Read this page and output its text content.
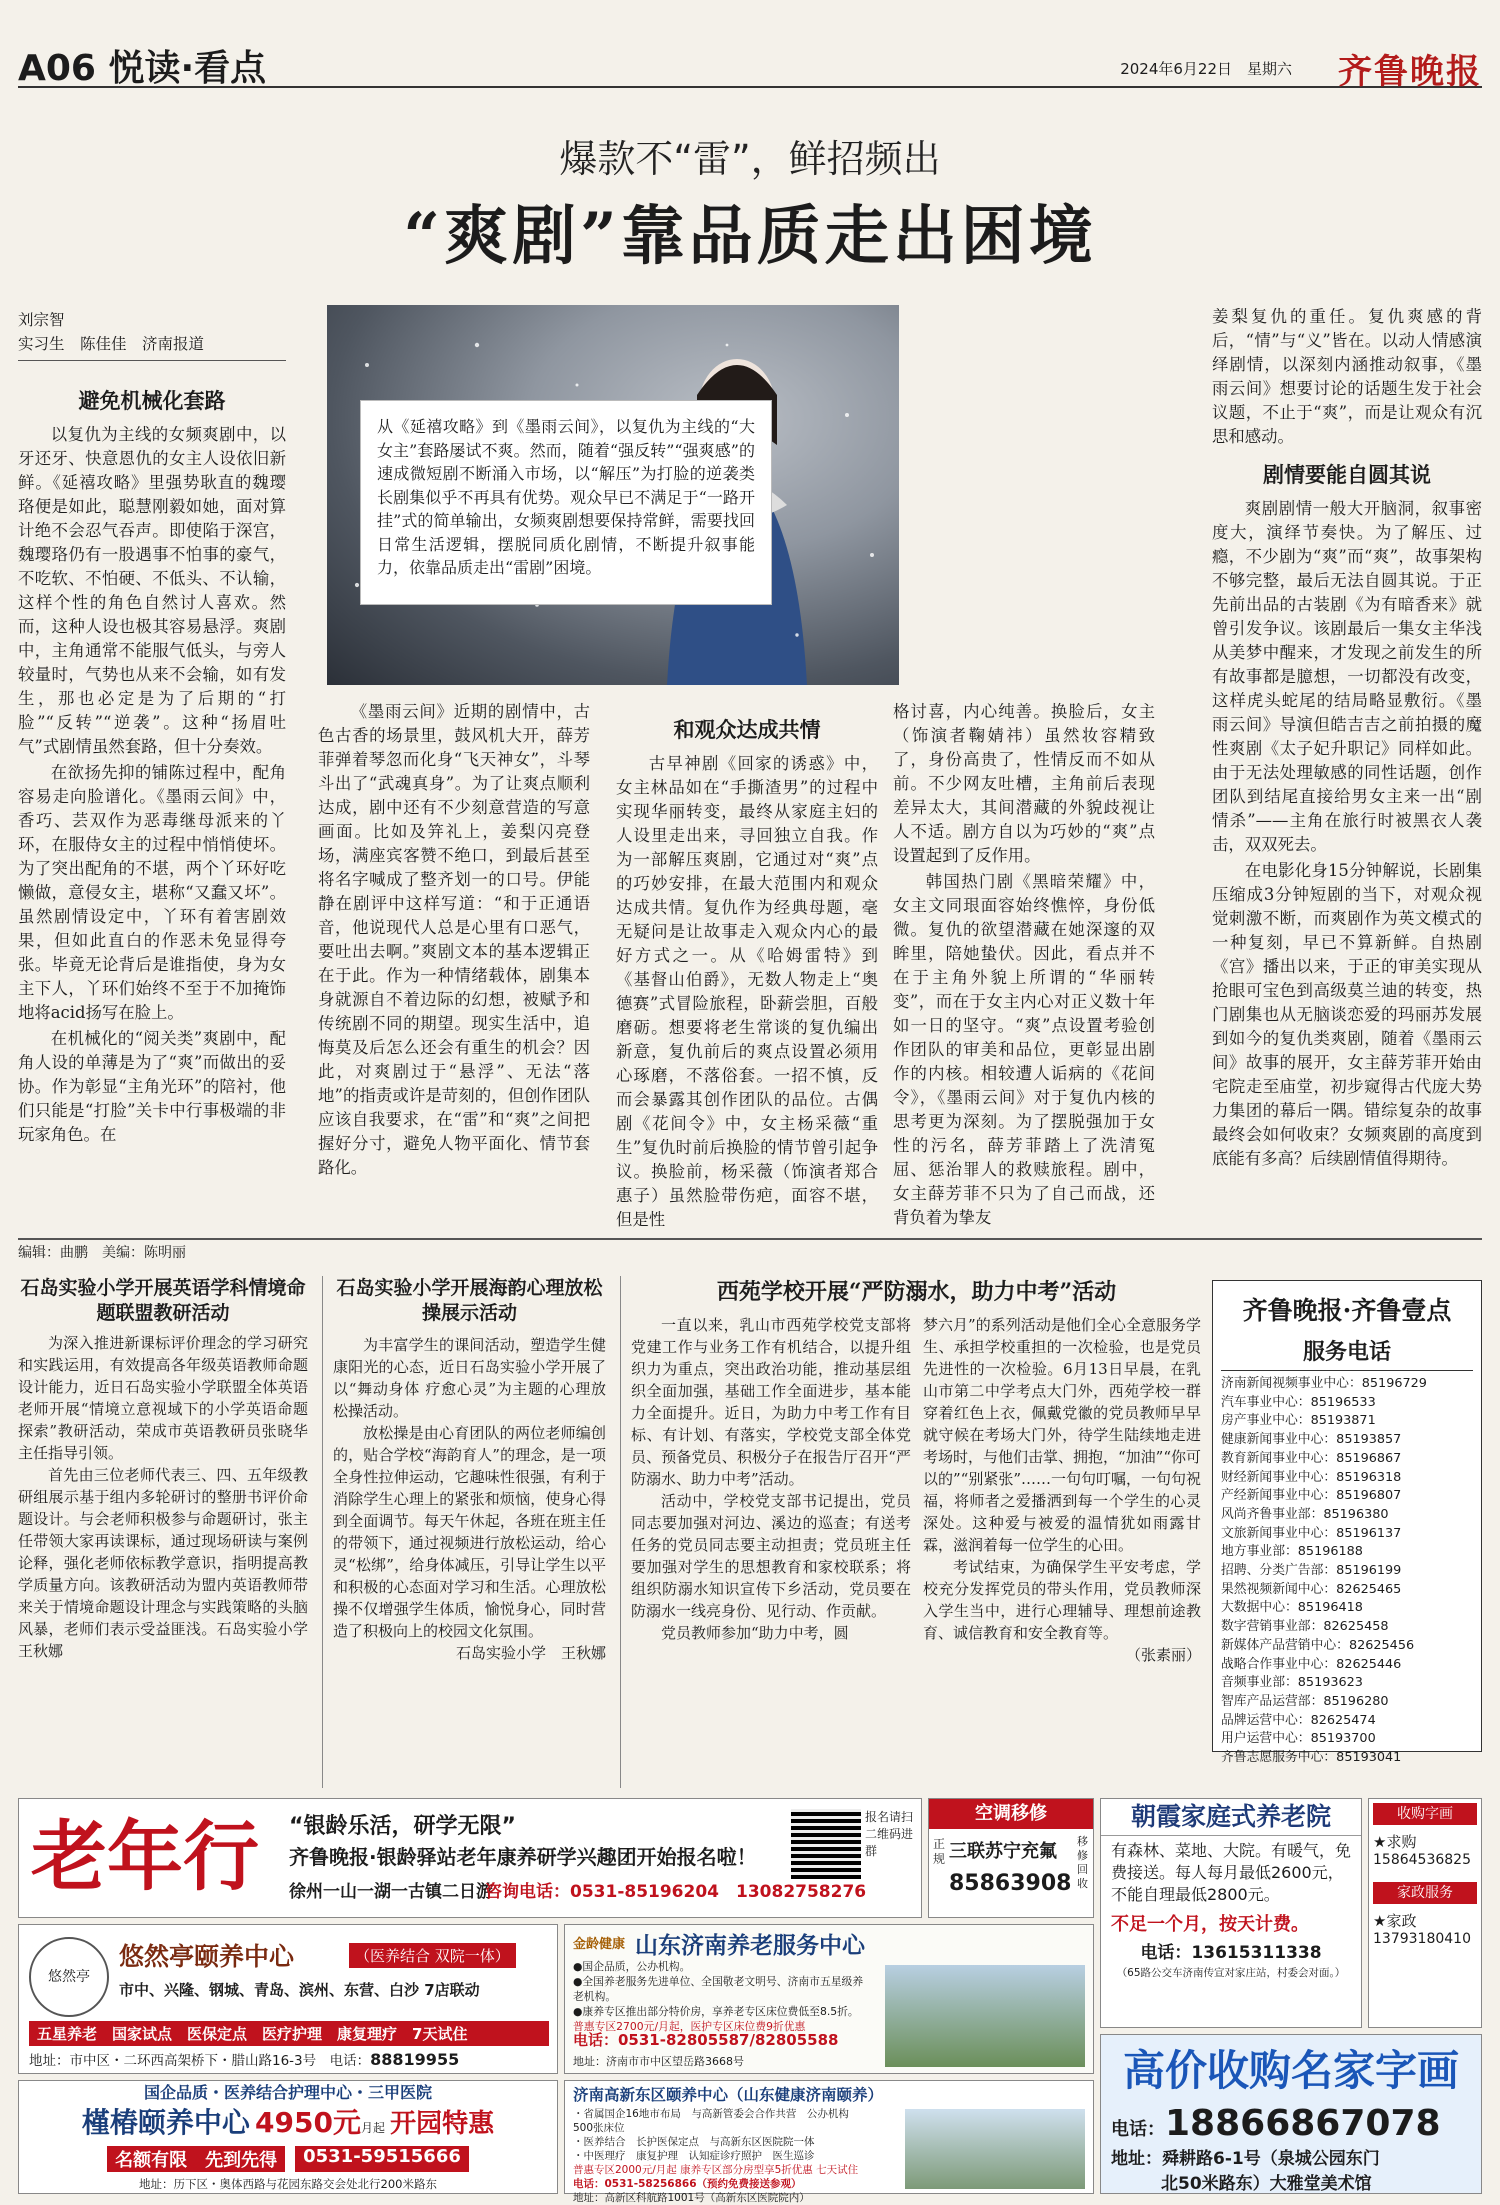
A06 悦读·看点	2024年6月22日　星期六 齐鲁晚报
爆款不“雷”，鲜招频出
“爽剧”靠品质走出困境
刘宗智
实习生　陈佳佳　济南报道
避免机械化套路

以复仇为主线的女频爽剧中，以牙还牙、快意恩仇的女主人设依旧新鲜。《延禧攻略》里强势耿直的魏璎珞便是如此，聪慧刚毅如她，面对算计绝不会忍气吞声。即使陷于深宫，魏璎珞仍有一股遇事不怕事的豪气，不吃软、不怕硬、不低头、不认输，这样个性的角色自然讨人喜欢。然而，这种人设也极其容易悬浮。爽剧中，主角通常不能服气低头，与旁人较量时，气势也从来不会输，如有发生，那也必定是为了后期的“打脸”“反转”“逆袭”。这种“扬眉吐气”式剧情虽然套路，但十分奏效。

在欲扬先抑的铺陈过程中，配角容易走向脸谱化。《墨雨云间》中，香巧、芸双作为恶毒继母派来的丫环，在服侍女主的过程中悄悄使坏。为了突出配角的不堪，两个丫环好吃懒做，意侵女主，堪称“又蠢又坏”。虽然剧情设定中，丫环有着害剧效果，但如此直白的作恶未免显得夸张。毕竟无论背后是谁指使，身为女主下人，丫环们始终不至于不加掩饰地将acid扬写在脸上。

在机械化的“阅关类”爽剧中，配角人设的单薄是为了“爽”而做出的妥协。作为彰显“主角光环”的陪衬，他们只能是“打脸”关卡中行事极端的非玩家角色。在

从《延禧攻略》到《墨雨云间》，以复仇为主线的“大女主”套路屡试不爽。然而，随着“强反转”“强爽感”的速成微短剧不断涌入市场，以“解压”为打脸的逆袭类长剧集似乎不再具有优势。观众早已不满足于“一路开挂”式的简单输出，女频爽剧想要保持常鲜，需要找回日常生活逻辑，摆脱同质化剧情，不断提升叙事能力，依靠品质走出“雷剧”困境。

《墨雨云间》近期的剧情中，古色古香的场景里，鼓风机大开，薛芳菲弹着琴忽而化身“飞天神女”，斗琴斗出了“武魂真身”。为了让爽点顺利达成，剧中还有不少刻意营造的写意画面。比如及笄礼上，姜梨闪亮登场，满座宾客赞不绝口，到最后甚至将名字喊成了整齐划一的口号。伊能静在剧评中这样写道：“和于正通语音，他说现代人总是心里有口恶气，要吐出去啊。”爽剧文本的基本逻辑正在于此。作为一种情绪载体，剧集本身就源自不着边际的幻想，被赋予和传统剧不同的期望。现实生活中，追悔莫及后怎么还会有重生的机会？因此，对爽剧过于“悬浮”、无法“落地”的指责或许是苛刻的，但创作团队应该自我要求，在“雷”和“爽”之间把握好分寸，避免人物平面化、情节套路化。

和观众达成共情

古早神剧《回家的诱惑》中，女主林品如在“手撕渣男”的过程中实现华丽转变，最终从家庭主妇的人设里走出来，寻回独立自我。作为一部解压爽剧，它通过对“爽”点的巧妙安排，在最大范围内和观众达成共情。复仇作为经典母题，毫无疑问是让故事走入观众内心的最好方式之一。从《哈姆雷特》到《基督山伯爵》，无数人物走上“奥德赛”式冒险旅程，卧薪尝胆，百般磨砺。想要将老生常谈的复仇编出新意，复仇前后的爽点设置必须用心琢磨，不落俗套。一招不慎，反而会暴露其创作团队的品位。古偶剧《花间令》中，女主杨采薇“重生”复仇时前后换脸的情节曾引起争议。换脸前，杨采薇（饰演者郑合惠子）虽然脸带伤疤，面容不堪，但是性

格讨喜，内心纯善。换脸后，女主（饰演者鞠婧祎）虽然妆容精致了，身份高贵了，性情反而不如从前。不少网友吐槽，主角前后表现差异太大，其间潜藏的外貌歧视让人不适。剧方自以为巧妙的“爽”点设置起到了反作用。

韩国热门剧《黑暗荣耀》中，女主文同珢面容始终憔悴，身份低微。复仇的欲望潜藏在她深邃的双眸里，陪她蛰伏。因此，看点并不在于主角外貌上所谓的“华丽转变”，而在于女主内心对正义数十年如一日的坚守。“爽”点设置考验创作团队的审美和品位，更彰显出剧作的内核。相较遭人诟病的《花间令》，《墨雨云间》对于复仇内核的思考更为深刻。为了摆脱强加于女性的污名，薛芳菲踏上了洗清冤屈、惩治罪人的救赎旅程。剧中，女主薛芳菲不只为了自己而战，还背负着为挚友

姜梨复仇的重任。复仇爽感的背后，“情”与“义”皆在。以动人情感演绎剧情，以深刻内涵推动叙事，《墨雨云间》想要讨论的话题生发于社会议题，不止于“爽”，而是让观众有沉思和感动。

剧情要能自圆其说

爽剧剧情一般大开脑洞，叙事密度大，演绎节奏快。为了解压、过瘾，不少剧为“爽”而“爽”，故事架构不够完整，最后无法自圆其说。于正先前出品的古装剧《为有暗香来》就曾引发争议。该剧最后一集女主华浅从美梦中醒来，才发现之前发生的所有故事都是臆想，一切都没有改变，这样虎头蛇尾的结局略显敷衍。《墨雨云间》导演但皓吉吉之前拍摄的魔性爽剧《太子妃升职记》同样如此。由于无法处理敏感的同性话题，创作团队到结尾直接给男女主来一出“剧情杀”——主角在旅行时被黑衣人袭击，双双死去。

在电影化身15分钟解说，长剧集压缩成3分钟短剧的当下，对观众视觉刺激不断，而爽剧作为英文模式的一种复刻，早已不算新鲜。自热剧《宫》播出以来，于正的审美实现从抢眼可宝色到高级莫兰迪的转变，热门剧集也从无脑谈恋爱的玛丽苏发展到如今的复仇类爽剧，随着《墨雨云间》故事的展开，女主薛芳菲开始由宅院走至庙堂，初步窥得古代庞大势力集团的幕后一隅。错综复杂的故事最终会如何收束？女频爽剧的高度到底能有多高？后续剧情值得期待。

编辑：曲鹏　美编：陈明丽
石岛实验小学开展英语学科情境命题联盟教研活动

为深入推进新课标评价理念的学习研究和实践运用，有效提高各年级英语教师命题设计能力，近日石岛实验小学联盟全体英语老师开展“情境立意视域下的小学英语命题探索”教研活动，荣成市英语教研员张晓华主任指导引领。

首先由三位老师代表三、四、五年级教研组展示基于组内多轮研讨的整册书评价命题设计。与会老师积极参与命题研讨，张主任带领大家再读课标，通过现场研读与案例论释，强化老师依标教学意识，指明提高教学质量方向。该教研活动为盟内英语教师带来关于情境命题设计理念与实践策略的头脑风暴，老师们表示受益匪浅。石岛实验小学 王秋娜

石岛实验小学开展海韵心理放松操展示活动

为丰富学生的课间活动，塑造学生健康阳光的心态，近日石岛实验小学开展了以“舞动身体 疗愈心灵”为主题的心理放松操活动。

放松操是由心育团队的两位老师编创的，贴合学校“海韵育人”的理念，是一项全身性拉伸运动，它趣味性很强，有利于消除学生心理上的紧张和烦恼，使身心得到全面调节。每天午休起，各班在班主任的带领下，通过视频进行放松运动，给心灵“松绑”，给身体减压，引导让学生以平和积极的心态面对学习和生活。心理放松操不仅增强学生体质，愉悦身心，同时营造了积极向上的校园文化氛围。

石岛实验小学　王秋娜
西苑学校开展“严防溺水，助力中考”活动

一直以来，乳山市西苑学校党支部将党建工作与业务工作有机结合，以提升组织力为重点，突出政治功能，推动基层组织全面加强，基础工作全面进步，基本能力全面提升。近日，为助力中考工作有目标、有计划、有落实，学校党支部全体党员、预备党员、积极分子在报告厅召开“严防溺水、助力中考”活动。

活动中，学校党支部书记提出，党员同志要加强对河边、溪边的巡查；有送考任务的党员同志要主动担责；党员班主任要加强对学生的思想教育和家校联系；将组织防溺水知识宣传下乡活动，党员要在防溺水一线亮身份、见行动、作贡献。

党员教师参加“助力中考，圆

梦六月”的系列活动是他们全心全意服务学生、承担学校重担的一次检验，也是党员先进性的一次检验。6月13日早晨，在乳山市第二中学考点大门外，西苑学校一群穿着红色上衣，佩戴党徽的党员教师早早就守候在考场大门外，待学生陆续地走进考场时，与他们击掌、拥抱，“加油”“你可以的”“别紧张”……一句句叮嘱，一句句祝福，将师者之爱播洒到每一个学生的心灵深处。这种爱与被爱的温情犹如雨露甘霖，滋润着每一位学生的心田。

考试结束，为确保学生平安考虑，学校充分发挥党员的带头作用，党员教师深入学生当中，进行心理辅导、理想前途教育、诚信教育和安全教育等。

（张素丽）
齐鲁晚报·齐鲁壹点
服务电话
济南新闻视频事业中心：85196729
汽车事业中心：85196533
房产事业中心：85193871
健康新闻事业中心：85193857
教育新闻事业中心：85196867
财经新闻事业中心：85196318
产经新闻事业中心：85196807
风尚齐鲁事业部：85196380
文旅新闻事业中心：85196137
地方事业部：85196188
招聘、分类广告部：85196199
果然视频新闻中心：82625465
大数据中心：85196418
数字营销事业部：82625458
新媒体产品营销中心：82625456
战略合作事业中心：82625446
音频事业部：85193623
智库产品运营部：85196280
品牌运营中心：82625474
用户运营中心：85193700
齐鲁志愿服务中心：85193041
老年行 “银龄乐活，研学无限”
齐鲁晚报·银龄驿站老年康养研学兴趣团开始报名啦！
徐州一山一湖一古镇二日游
咨询电话：0531-85196204　13082758276
报名请扫二维码进群
空调移修
正规 三联苏宁充氟
85863908
移修回收
朝霞家庭式养老院
有森林、菜地、大院。有暖气，免费接送。每人每月最低2600元，不能自理最低2800元。
不足一个月，按天计费。
电话：13615311338
（65路公交车济南传宣对家庄站，村委会对面。）
收购字画
★求购
15864536825
家政服务
★家政
13793180410
悠然亭
悠然亭颐养中心	（医养结合 双院一体）
市中、兴隆、钢城、青岛、滨州、东营、白沙 7店联动
五星养老　国家试点　医保定点　医疗护理　康复理疗　7天试住
地址：市中区・二环西高架桥下・腊山路16-3号　电话：88819955
金龄健康 山东济南养老服务中心
●国企品质，公办机构。
●全国养老服务先进单位、全国敬老文明号、济南市五星级养老机构。
●康养专区推出部分特价房，享养老专区床位费低至8.5折。
普惠专区2700元/月起，医护专区床位费9折优惠
电话：0531-82805587/82805588
地址：济南市市中区望岳路3668号	高价收购名家字画
电话：18866867078
地址：舜耕路6-1号（泉城公园东门
北50米路东）大雅堂美术馆
国企品质・医养结合护理中心・三甲医院
槿椿颐养中心 4950元月起 开园特惠
名额有限　先到先得	0531-59515666
地址：历下区・奥体西路与花园东路交会处北行200米路东
济南高新东区颐养中心（山东健康济南颐养）
・省属国企16地市布局　与高新管委会合作共营　公办机构　500张床位
・医养结合　长护医保定点　与高新东区医院院一体
・中医理疗　康复护理　认知症诊疗照护　医生巡诊
普惠专区2000元/月起 康养专区部分房型享5折优惠 七天试住
电话：0531-58256866（预约免费接送参观）
地址：高新区科航路1001号（高新东区医院院内）
